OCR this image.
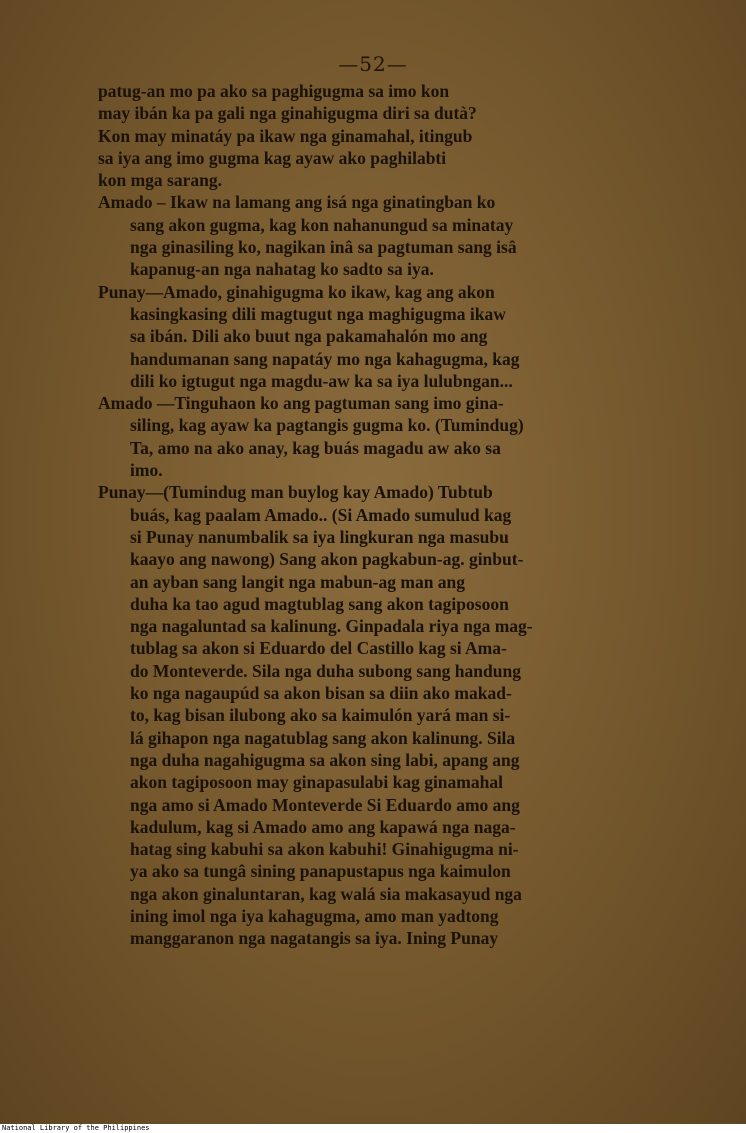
—52—
patug-an mo pa ako sa paghigugma sa imo kon
may ibán ka pa gali nga ginahigugma diri sa dutà?
Kon may minatáy pa ikaw nga ginamahal, itingub
sa iya ang imo gugma kag ayaw ako paghilabti
kon mga sarang.
Amado – Ikaw na lamang ang isá nga ginatingban ko
sang akon gugma, kag kon nahanungud sa minatay
nga ginasiling ko, nagikan inâ sa pagtuman sang isâ
kapanug-an nga nahatag ko sadto sa iya.
Punay—Amado, ginahigugma ko ikaw, kag ang akon
kasingkasing dili magtugut nga maghigugma ikaw
sa ibán. Dili ako buut nga pakamahalón mo ang
handumanan sang napatáy mo nga kahagugma, kag
dili ko igtugut nga magdu-aw ka sa iya lulubngan...
Amado —Tinguhaon ko ang pagtuman sang imo gina-
siling, kag ayaw ka pagtangis gugma ko. (Tumindug)
Ta, amo na ako anay, kag buás magadu aw ako sa
imo.
Punay—(Tumindug man buylog kay Amado) Tubtub
buás, kag paalam Amado.. (Si Amado sumulud kag
si Punay nanumbalik sa iya lingkuran nga masubu
kaayo ang nawong) Sang akon pagkabun-ag. ginbut-
an ayban sang langit nga mabun-ag man ang
duha ka tao agud magtublag sang akon tagiposoon
nga nagaluntad sa kalinung. Ginpadala riya nga mag-
tublag sa akon si Eduardo del Castillo kag si Ama-
do Monteverde. Sila nga duha subong sang handung
ko nga nagaupúd sa akon bisan sa diin ako makad-
to, kag bisan ilubong ako sa kaimulón yará man si-
lá gihapon nga nagatublag sang akon kalinung. Sila
nga duha nagahigugma sa akon sing labi, apang ang
akon tagiposoon may ginapasulabi kag ginamahal
nga amo si Amado Monteverde Si Eduardo amo ang
kadulum, kag si Amado amo ang kapawá nga naga-
hatag sing kabuhi sa akon kabuhi! Ginahigugma ni-
ya ako sa tungâ sining panapustapus nga kaimulon
nga akon ginaluntaran, kag walá sia makasayud nga
ining imol nga iya kahagugma, amo man yadtong
manggaranon nga nagatangis sa iya. Ining Punay
National Library of the Philippines
